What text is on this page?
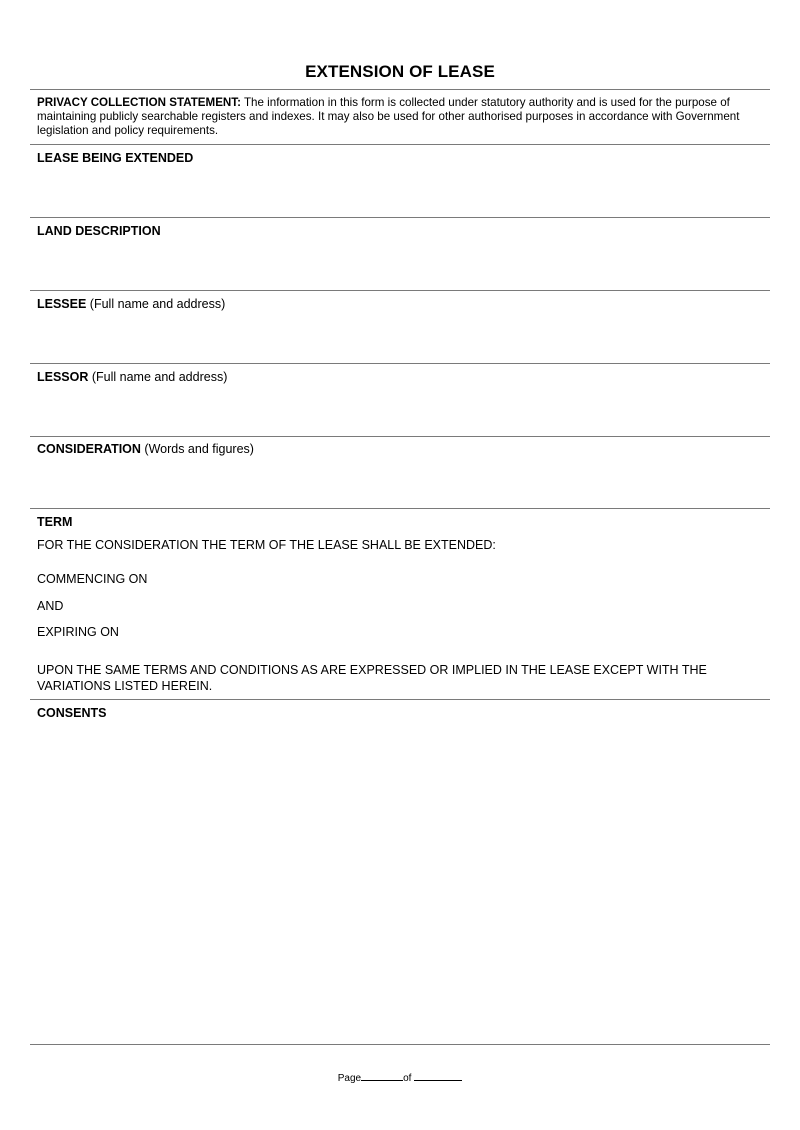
EXTENSION OF LEASE
PRIVACY COLLECTION STATEMENT: The information in this form is collected under statutory authority and is used for the purpose of maintaining publicly searchable registers and indexes. It may also be used for other authorised purposes in accordance with Government legislation and policy requirements.
LEASE BEING EXTENDED
LAND DESCRIPTION
LESSEE (Full name and address)
LESSOR (Full name and address)
CONSIDERATION (Words and figures)
TERM
FOR THE CONSIDERATION THE TERM OF THE LEASE SHALL BE EXTENDED:
COMMENCING ON
AND
EXPIRING ON
UPON THE SAME TERMS AND CONDITIONS AS ARE EXPRESSED OR IMPLIED IN THE LEASE EXCEPT WITH THE
VARIATIONS LISTED HEREIN.
CONSENTS
Page	of
